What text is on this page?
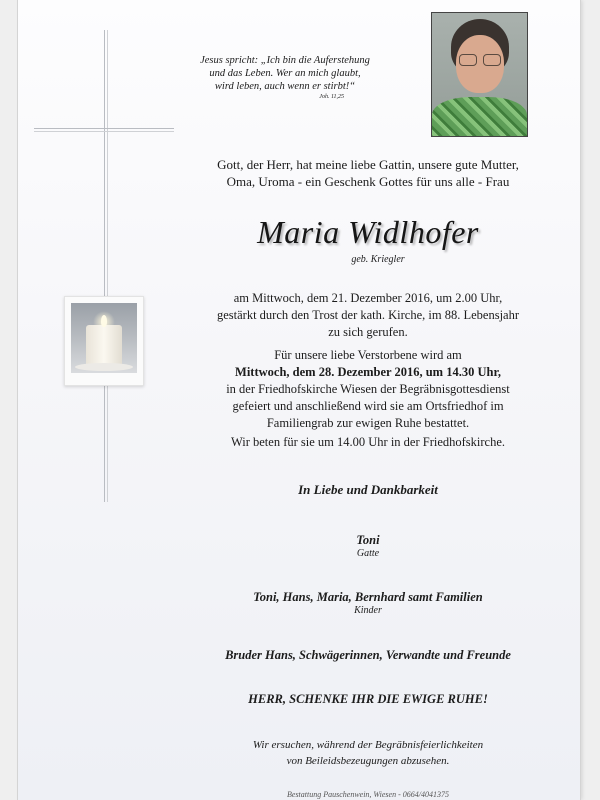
Jesus spricht: „Ich bin die Auferstehung
und das Leben. Wer an mich glaubt,
wird leben, auch wenn er stirbt!“
Joh. 11,25
Gott, der Herr, hat meine liebe Gattin, unsere gute Mutter,
Oma, Uroma - ein Geschenk Gottes für uns alle - Frau
Maria Widlhofer
geb. Kriegler
am Mittwoch, dem 21. Dezember 2016, um 2.00 Uhr,
gestärkt durch den Trost der kath. Kirche, im 88. Lebensjahr
zu sich gerufen.
Für unsere liebe Verstorbene wird am
Mittwoch, dem 28. Dezember 2016, um 14.30 Uhr,
in der Friedhofskirche Wiesen der Begräbnisgottesdienst
gefeiert und anschließend wird sie am Ortsfriedhof im
Familiengrab zur ewigen Ruhe bestattet.
Wir beten für sie um 14.00 Uhr in der Friedhofskirche.
In Liebe und Dankbarkeit
Toni
Gatte
Toni, Hans, Maria, Bernhard samt Familien
Kinder
Bruder Hans, Schwägerinnen, Verwandte und Freunde
HERR, SCHENKE IHR DIE EWIGE RUHE!
Wir ersuchen, während der Begräbnisfeierlichkeiten
von Beileidsbezeugungen abzusehen.
Bestattung Pauschenwein, Wiesen - 0664/4041375
